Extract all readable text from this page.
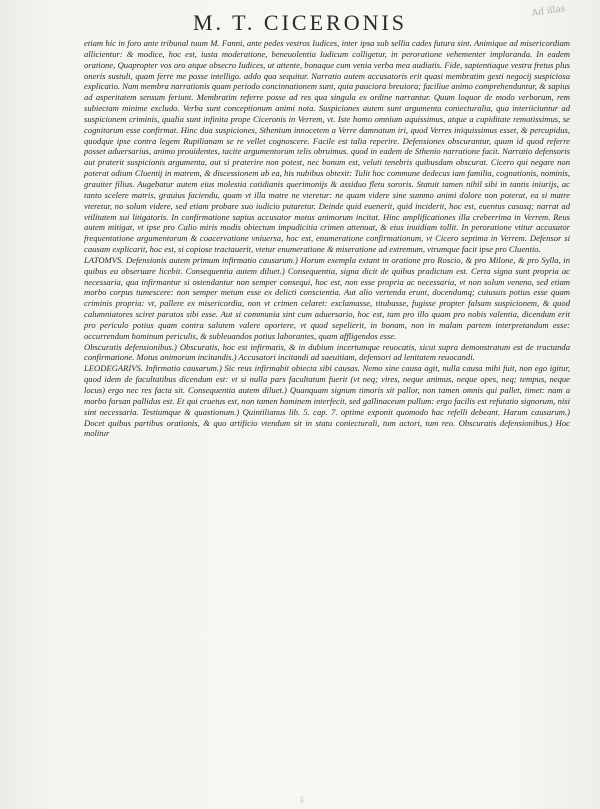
M. T. CICERONIS	Ad illas

etiam hic in foro ante tribunal tuum M. Fanni, ante pedes vestros Iudices, inter ipsa sub sellia cades futura sint. Animique ad misericordiam allicientur: & modice, hoc est, iusta moderatione, beneuolentia Iudicum colligetur, in peroratione vehementer imploranda. In eadem oratione, Quapropter vos oro atque obsecro Iudices, ut attente, bonaque cum venia verba mea audiatis. Fide, sapientiaque vestra fretus plus oneris sustuli, quam ferre me posse intelligo. addo qua sequitur. Narratio autem accusatoris erit quasi membratim gesti negocij suspiciosa explicatio. Nam membra narrationis quam periodo concinnationem sunt, quia pauciora breuiora; faciliue animo comprehenduntur, & sapius ad asperitatem sensum feriunt. Membratim referre posse ad res qua singula ex ordine narrantur. Quum loquor de modo verborum, rem subiectam minime excludo. Verba sunt conceptionum animi nota. Suspiciones autem sunt argumenta coniecturalia, qua interiiciuntur ad suspicionem criminis, qualia sunt infinita prope Ciceronis in Verrem, vt. Iste homo omnium aquissimus, atque a cupiditate remotissimus, se cognitorum esse confirmat. Hinc dua suspiciones, Sthenium innocetem a Verre damnatum iri, quod Verres iniquissimus esset, & percupidus, quodque ipse contra legem Rupilianam se re vellet cognoscere. Facile est talia reperire. Defensiones obscurantur, quum id quod referre posset aduersarius, animo prouidentes, tacite argumentorum telis obruimus. quod in eadem de Sthenio narratione facit. Narratio defensoris aut praterit suspicionis argumenta, aut si praterire non potest, nec bonum est, veluti tenebris quibusdam obscurat. Cicero qui negare non poterat odium Cluentij in matrem, & discessionem ab ea, his nubibus obtexit: Tulit hoc commune dedecus iam familia, cognationis, nominis, grauiter filius. Augebatur autem eius molestia cotidianis querimonijs & assiduo fletu sororis. Statuit tamen nihil sibi in tantis iniurijs, ac tanto scelere matris, grauius faciendu, quam vt illa matre ne vteretur: ne quam videre sine summo animi dolore non poterat, ea si matre vteretur, no solum videre, sed etiam probare suo iudicio putaretur. Deinde quid euenerit, quid inciderit, hoc est, euentus casusq; narrat ad vtilitatem sui litigatoris. In confirmatione sapius accusator motus animorum incitat. Hinc amplificationes illa creberrima in Verrem. Reus autem mitigat, vt ipse pro Calio miris modis obiectum impudicitia crimen attenuat, & eius inuidiam tollit. In peroratione vtitur accusator frequentatione argumentorum & coacervatione vniuersa, hoc est, enumeratione confirmationum, vt Cicero septima in Verrem. Defensor si causam explicarit, hoc est, si copiose tractauerit, vtetur enumeratione & miseratione ad extremum, vtrumque facit ipse pro Cluentio.

LATOMVS. Defensionis autem primum infirmatio causarum.) Horum exempla extant in oratione pro Roscio, & pro Milone, & pro Sylla, in quibus ea obseruare licebit. Consequentia autem diluet.) Consequentia, signa dicit de quibus pradictum est. Certa signa sunt propria ac necessaria, qua infirmantur si ostendantur non semper consequi, hoc est, non esse propria ac necessaria, vt non solum veneno, sed etiam morbo corpus tumescere: non semper metum esse ex delicti conscientia. Aut alio vertenda erunt, docendumq; cuiusuis potius esse quam criminis propria: vt, pallere ex misericordia, non vt crimen celaret: exclamasse, titubasse, fugisse propter falsam suspicionem, & quod calumniatores sciret paratos sibi esse. Aut si communia sint cum aduersario, hoc est, tam pro illo quam pro nobis valentia, dicendum erit pro periculo potius quam contra salutem valere oportere, vt quod sepelierit, in bonam, non in malam partem interpretandum esse: occurrendum hominum periculis, & subleuandos potius laborantes, quam affligendos esse.

Obscuratis defensionibus.) Obscuratis, hoc est infirmatis, & in dubium incertumque reuocatis, sicut supra demonstratum est de tractanda confirmatione. Motus animorum incitandis.) Accusatori incitandi ad saeuitiam, defensori ad lenitatem reuocandi.

LEODEGARIVS. Infirmatio causarum.) Sic reus infirmabit obiecta sibi causas. Nemo sine causa agit, nulla causa mihi fuit, non ego igitur, quod idem de facultatibus dicendum est: vt si nulla pars facultatum fuerit (vt neq; vires, neque animus, neque opes, neq; tempus, neque locus) ergo nec res facta sit. Consequentia autem diluet.) Quanquam signum timoris sit pallor, non tamen omnis qui pallet, timet: nam a morbo forsan pallidus est. Et qui cruetus est, non tamen hominem interfecit, sed gallinaceum pullum: ergo facilis est refutatio signorum, nisi sint necessaria. Testiumque & quastionum.) Quintilianus lib. 5. cap. 7. optime exponit quomodo hac refelli debeant. Harum causarum.) Docet quibus partibus orationis, & quo artificio vtendum sit in statu coniecturali, tum actori, tum reo. Obscuratis defensionibus.) Hoc molitur

F
